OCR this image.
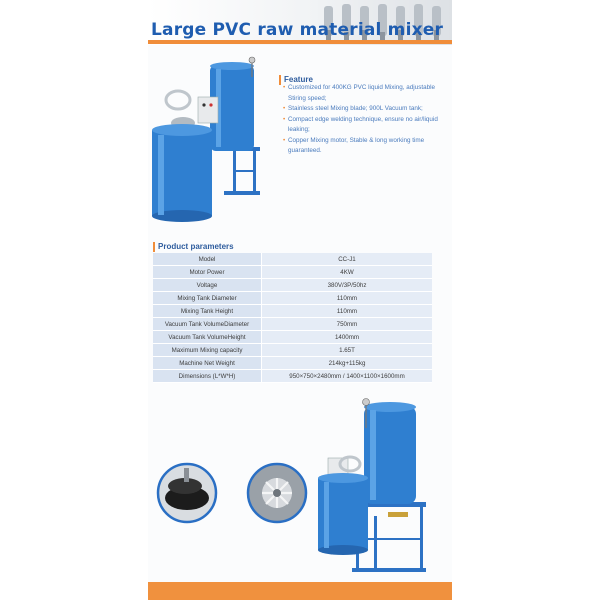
Large PVC raw material mixer
Feature
• Customized for 400KG PVC liquid Mixing, adjustable Stiring speed;
• Stainless steel Mixing blade; 900L Vacuum tank;
• Compact edge welding technique, ensure no air/liquid leaking;
• Copper Mixing motor, Stable & long working time guaranteed.
Product parameters
Model	CC-J1
Motor Power	4KW
Voltage	380V/3P/50hz
Mixing Tank Diameter	110mm
Mixing Tank Height	110mm
Vacuum Tank VolumeDiameter	750mm
Vacuum Tank VolumeHeight	1400mm
Maximum Mixing capacity	1.65T
Machine Net Weight	214kg+115kg
Dimensions (L*W*H)	950×750×2480mm / 1400×1100×1600mm
